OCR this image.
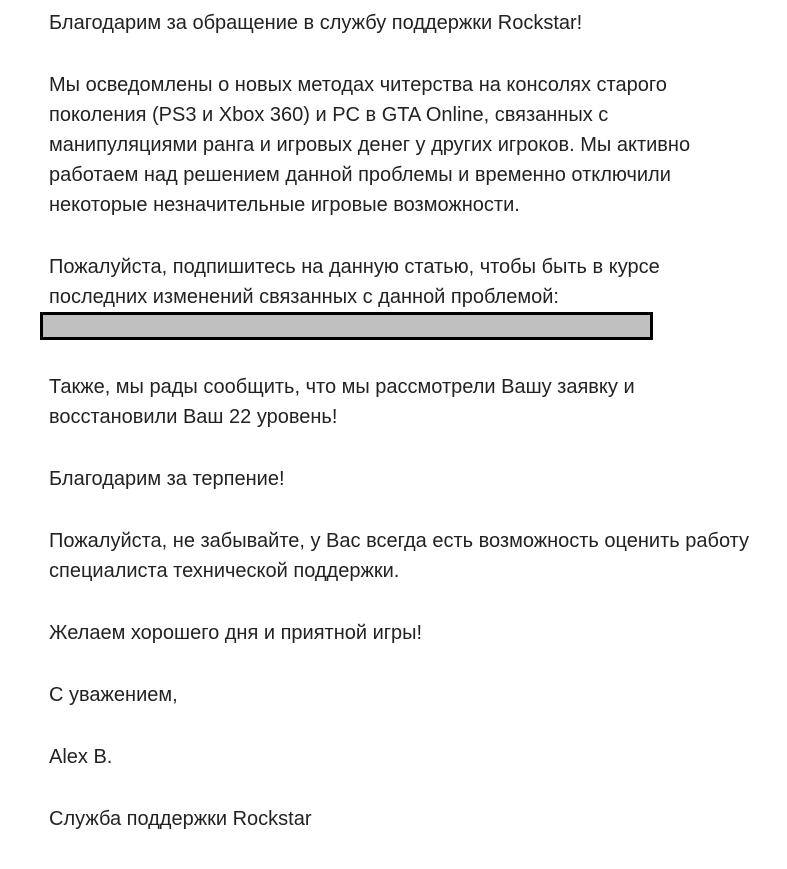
Благодарим за обращение в службу поддержки Rockstar!

Мы осведомлены о новых методах читерства на консолях старого поколения (PS3 и Xbox 360) и PC в GTA Online, связанных с манипуляциями ранга и игровых денег у других игроков. Мы активно работаем над решением данной проблемы и временно отключили некоторые незначительные игровые возможности.

Пожалуйста, подпишитесь на данную статью, чтобы быть в курсе последних изменений связанных с данной проблемой:

Также, мы рады сообщить, что мы рассмотрели Вашу заявку и восстановили Ваш 22 уровень!

Благодарим за терпение!

Пожалуйста, не забывайте, у Вас всегда есть возможность оценить работу специалиста технической поддержки.

Желаем хорошего дня и приятной игры!

С уважением,

Alex B.

Служба поддержки Rockstar
